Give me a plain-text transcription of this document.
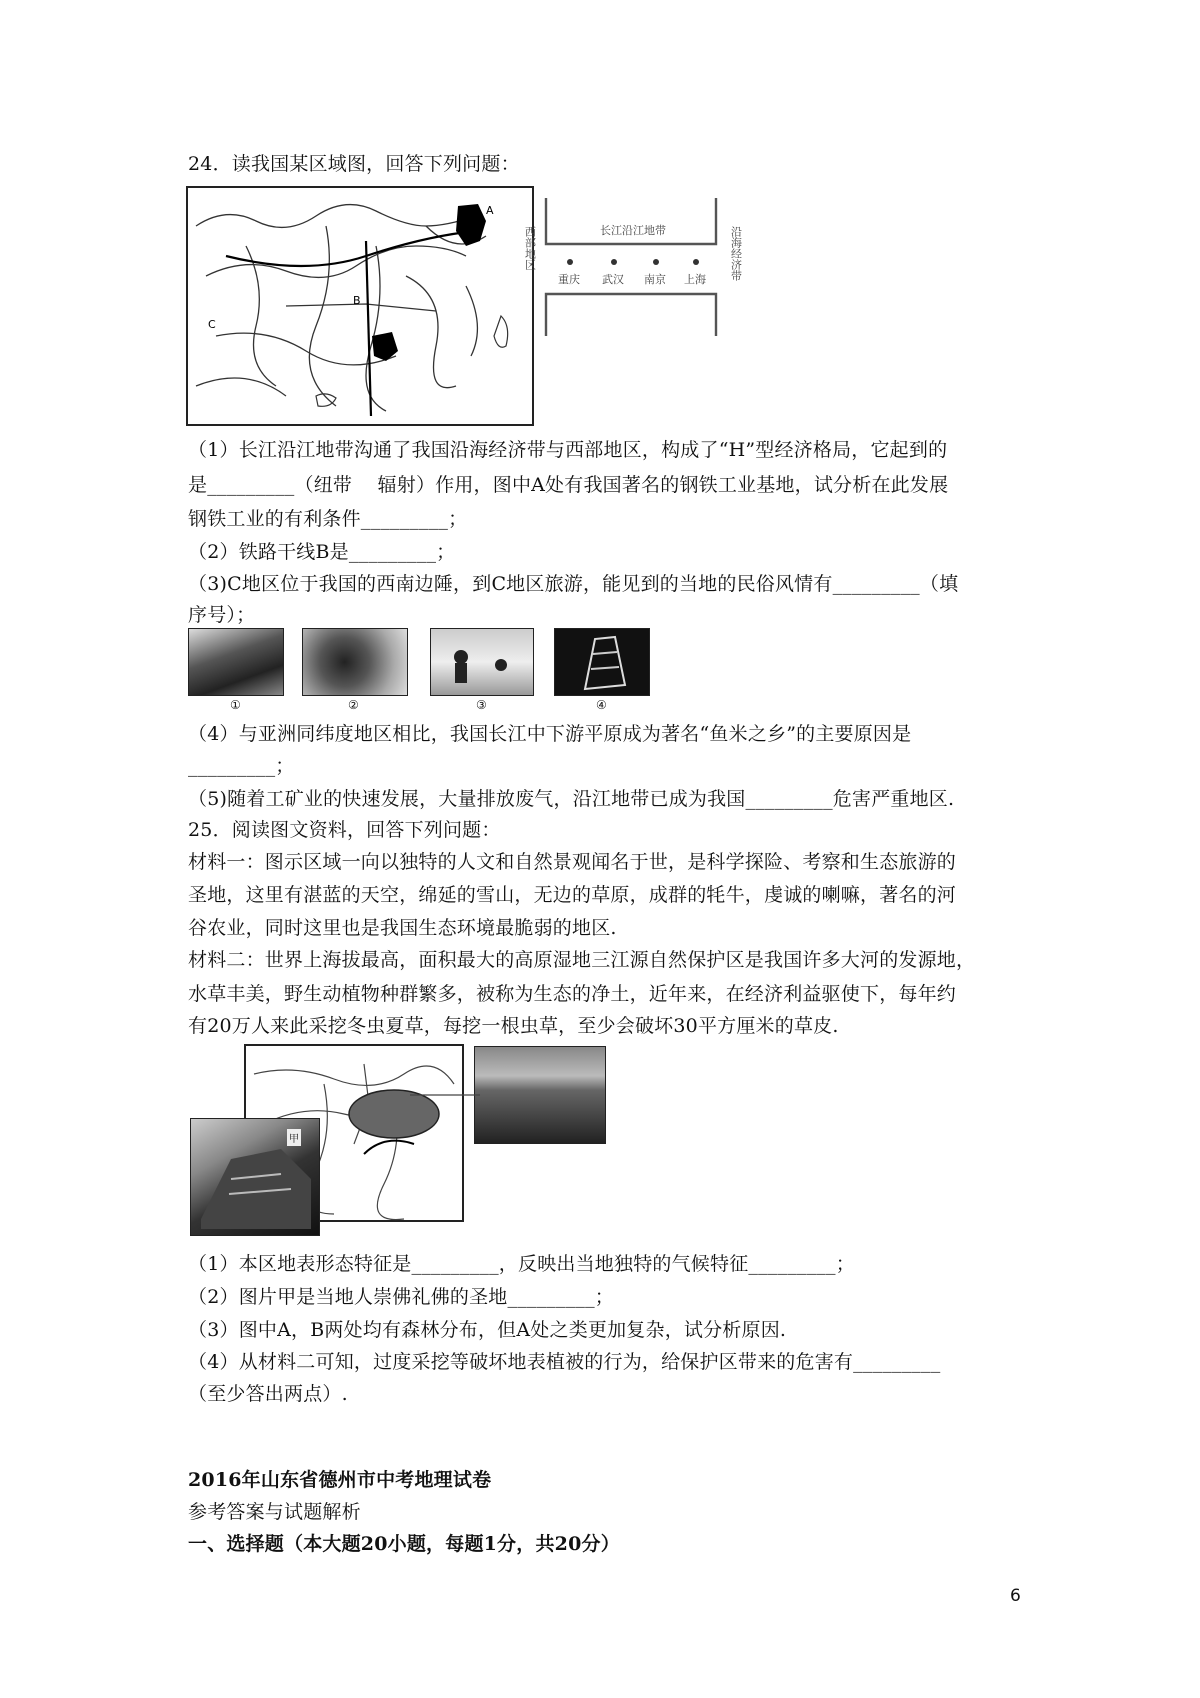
24．读我国某区域图，回答下列问题：
A
B
C
长江沿江地带
西部地区	沿海经济带
重庆 武汉 南京 上海
（1）长江沿江地带沟通了我国沿海经济带与西部地区，构成了“H”型经济格局，它起到的
是_________（纽带　 辐射）作用，图中A处有我国著名的钢铁工业基地，试分析在此发展
钢铁工业的有利条件_________；
（2）铁路干线B是_________；
（3)C地区位于我国的西南边陲，到C地区旅游，能见到的当地的民俗风情有_________（填
序号）；
①	②	③	④
（4）与亚洲同纬度地区相比，我国长江中下游平原成为著名“鱼米之乡”的主要原因是
_________；
（5)随着工矿业的快速发展，大量排放废气，沿江地带已成为我国_________危害严重地区.
25．阅读图文资料，回答下列问题：
材料一：图示区域一向以独特的人文和自然景观闻名于世，是科学探险、考察和生态旅游的
圣地，这里有湛蓝的天空，绵延的雪山，无边的草原，成群的牦牛，虔诚的喇嘛，著名的河
谷农业，同时这里也是我国生态环境最脆弱的地区.
材料二：世界上海拔最高，面积最大的高原湿地三江源自然保护区是我国许多大河的发源地，
水草丰美，野生动植物种群繁多，被称为生态的净土，近年来，在经济利益驱使下，每年约
有20万人来此采挖冬虫夏草，每挖一根虫草，至少会破坏30平方厘米的草皮.
甲
（1）本区地表形态特征是_________，反映出当地独特的气候特征_________；
（2）图片甲是当地人崇佛礼佛的圣地_________；
（3）图中A，B两处均有森林分布，但A处之类更加复杂，试分析原因.
（4）从材料二可知，过度采挖等破坏地表植被的行为，给保护区带来的危害有_________
（至少答出两点）.
2016年山东省德州市中考地理试卷
参考答案与试题解析
一、选择题（本大题20小题，每题1分，共20分）
6
